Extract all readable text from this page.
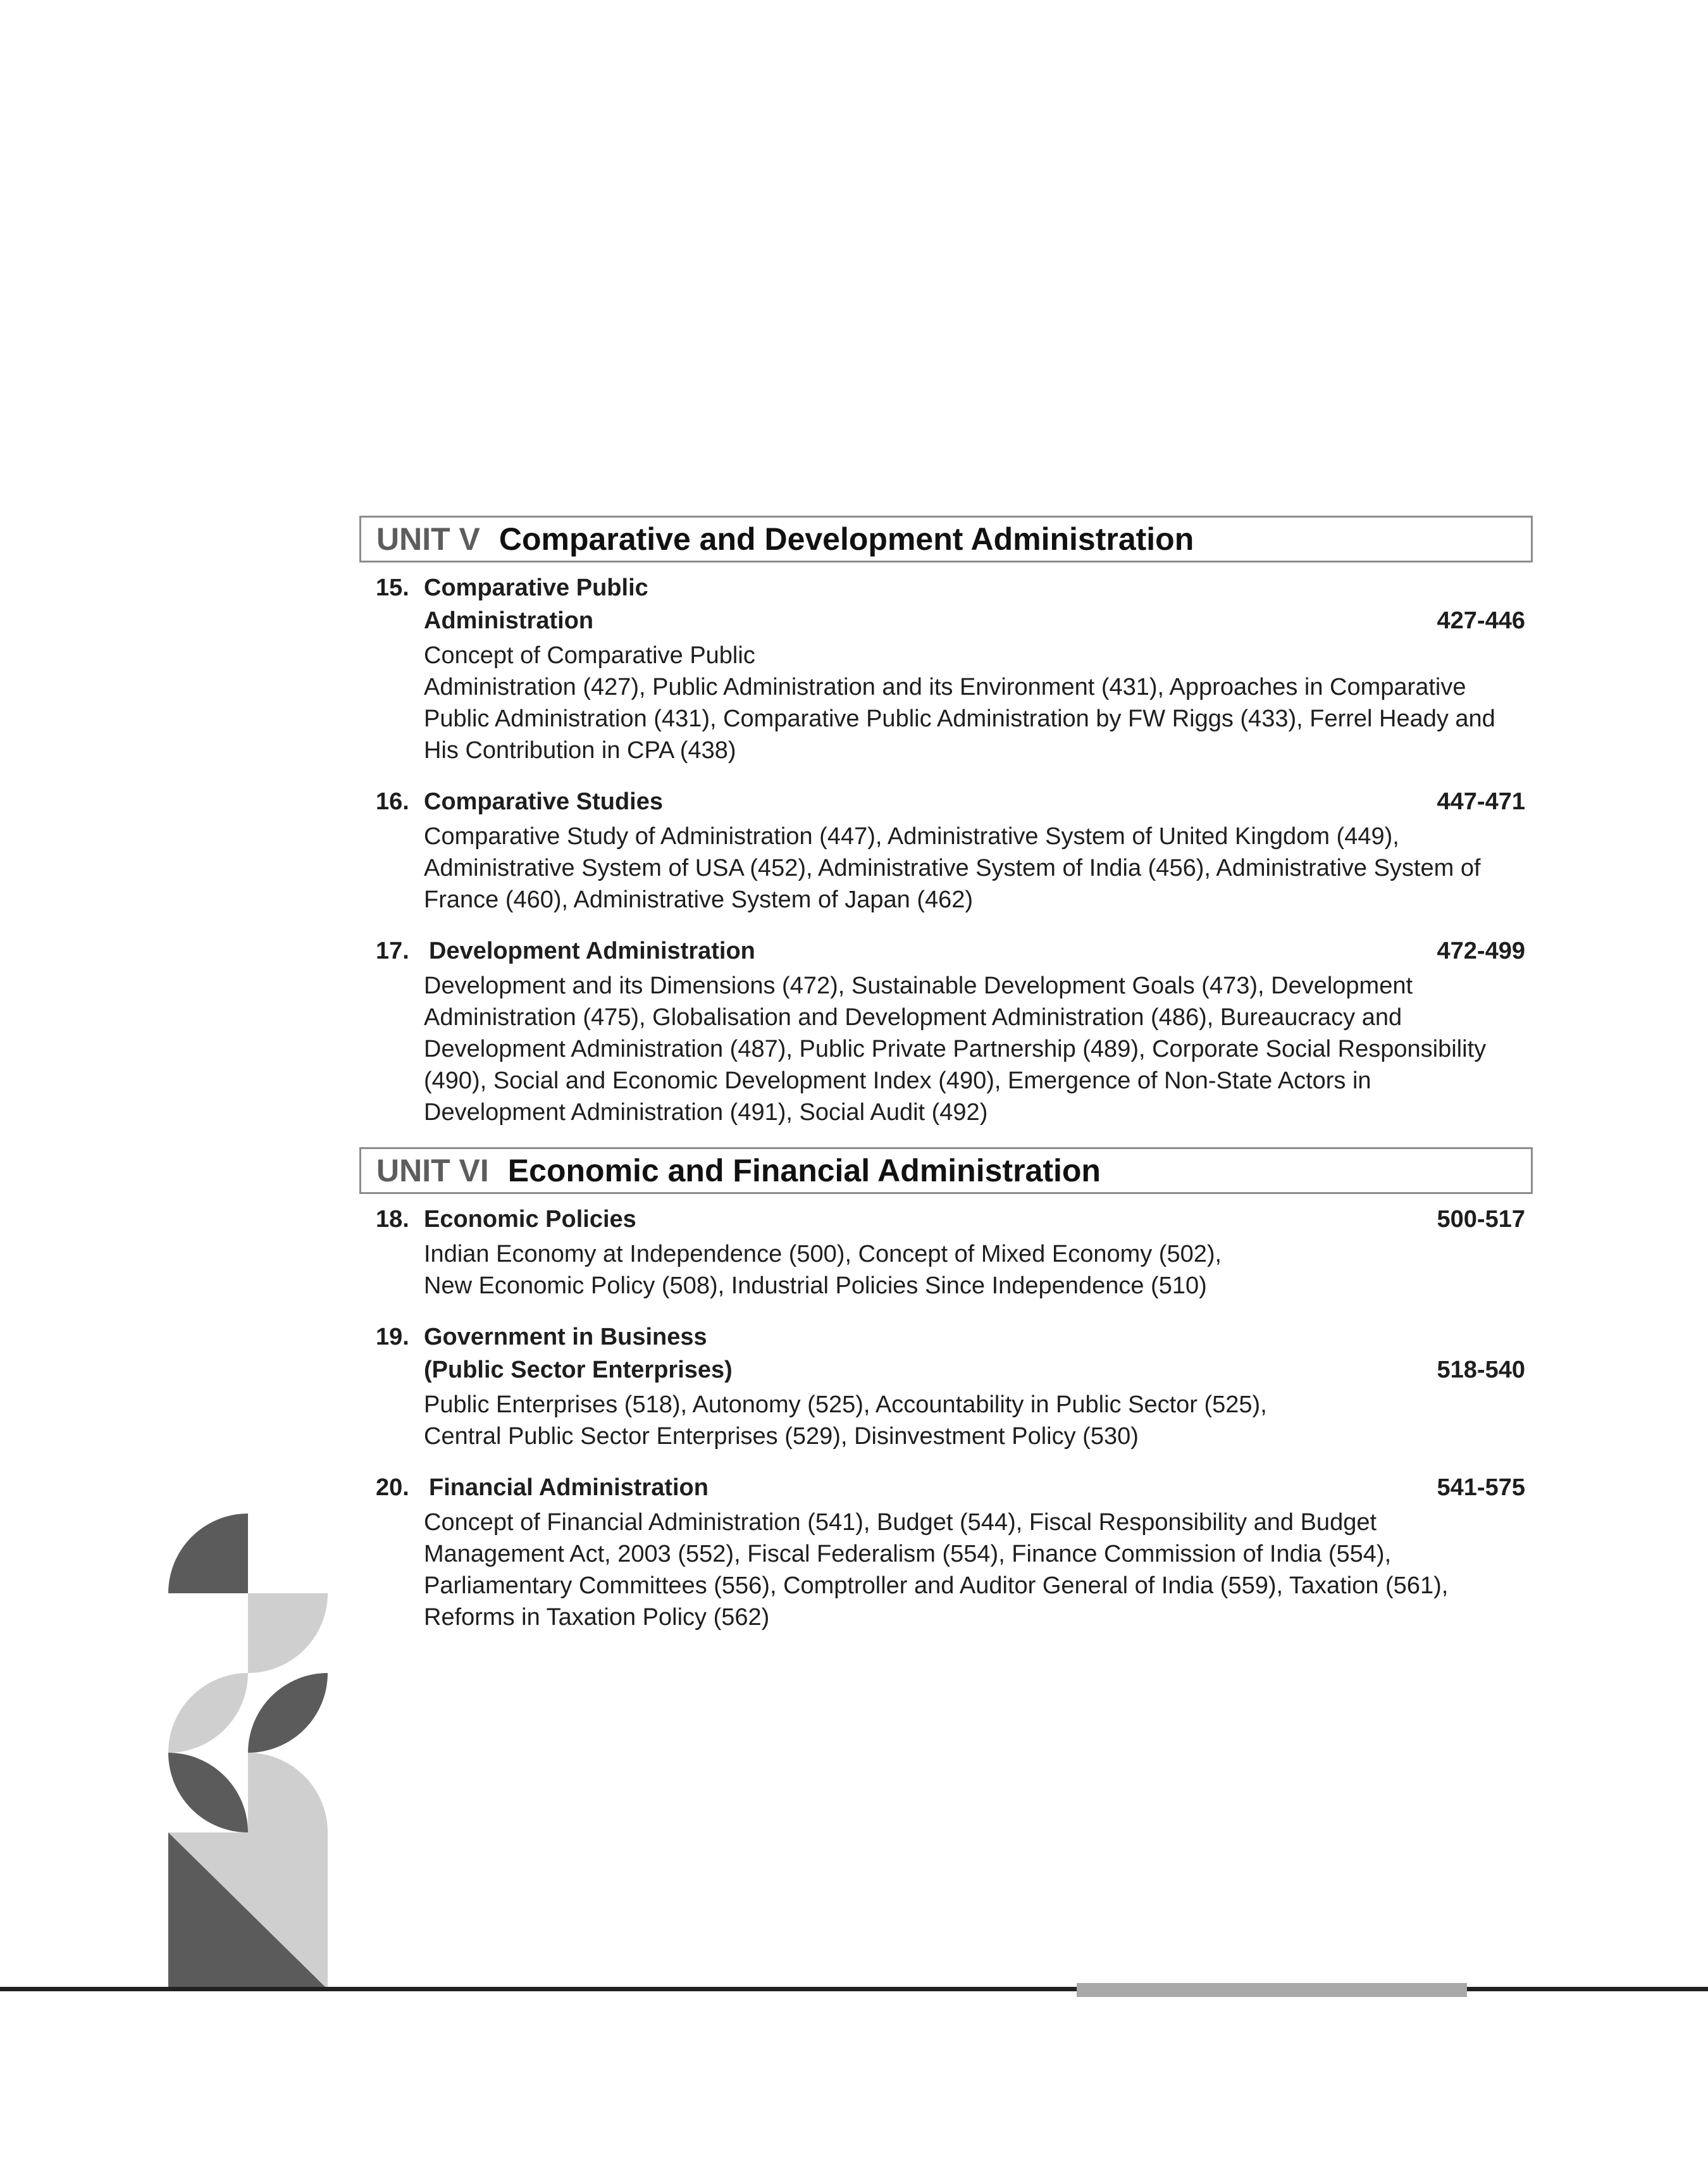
UNIT V Comparative and Development Administration
15. Comparative Public
Administration	427-446
Concept of Comparative Public
Administration (427), Public Administration and its Environment (431), Approaches in Comparative
Public Administration (431), Comparative Public Administration by FW Riggs (433), Ferrel Heady and
His Contribution in CPA (438)
16. Comparative Studies	447-471
Comparative Study of Administration (447), Administrative System of United Kingdom (449),
Administrative System of USA (452), Administrative System of India (456), Administrative System of
France (460), Administrative System of Japan (462)
17. Development Administration	472-499
Development and its Dimensions (472), Sustainable Development Goals (473), Development
Administration (475), Globalisation and Development Administration (486), Bureaucracy and
Development Administration (487), Public Private Partnership (489), Corporate Social Responsibility
(490), Social and Economic Development Index (490), Emergence of Non-State Actors in
Development Administration (491), Social Audit (492)
UNIT VI Economic and Financial Administration
18. Economic Policies	500-517
Indian Economy at Independence (500), Concept of Mixed Economy (502),
New Economic Policy (508), Industrial Policies Since Independence (510)
19. Government in Business
(Public Sector Enterprises)	518-540
Public Enterprises (518), Autonomy (525), Accountability in Public Sector (525),
Central Public Sector Enterprises (529), Disinvestment Policy (530)
20. Financial Administration	541-575
Concept of Financial Administration (541), Budget (544), Fiscal Responsibility and Budget
Management Act, 2003 (552), Fiscal Federalism (554), Finance Commission of India (554),
Parliamentary Committees (556), Comptroller and Auditor General of India (559), Taxation (561),
Reforms in Taxation Policy (562)
